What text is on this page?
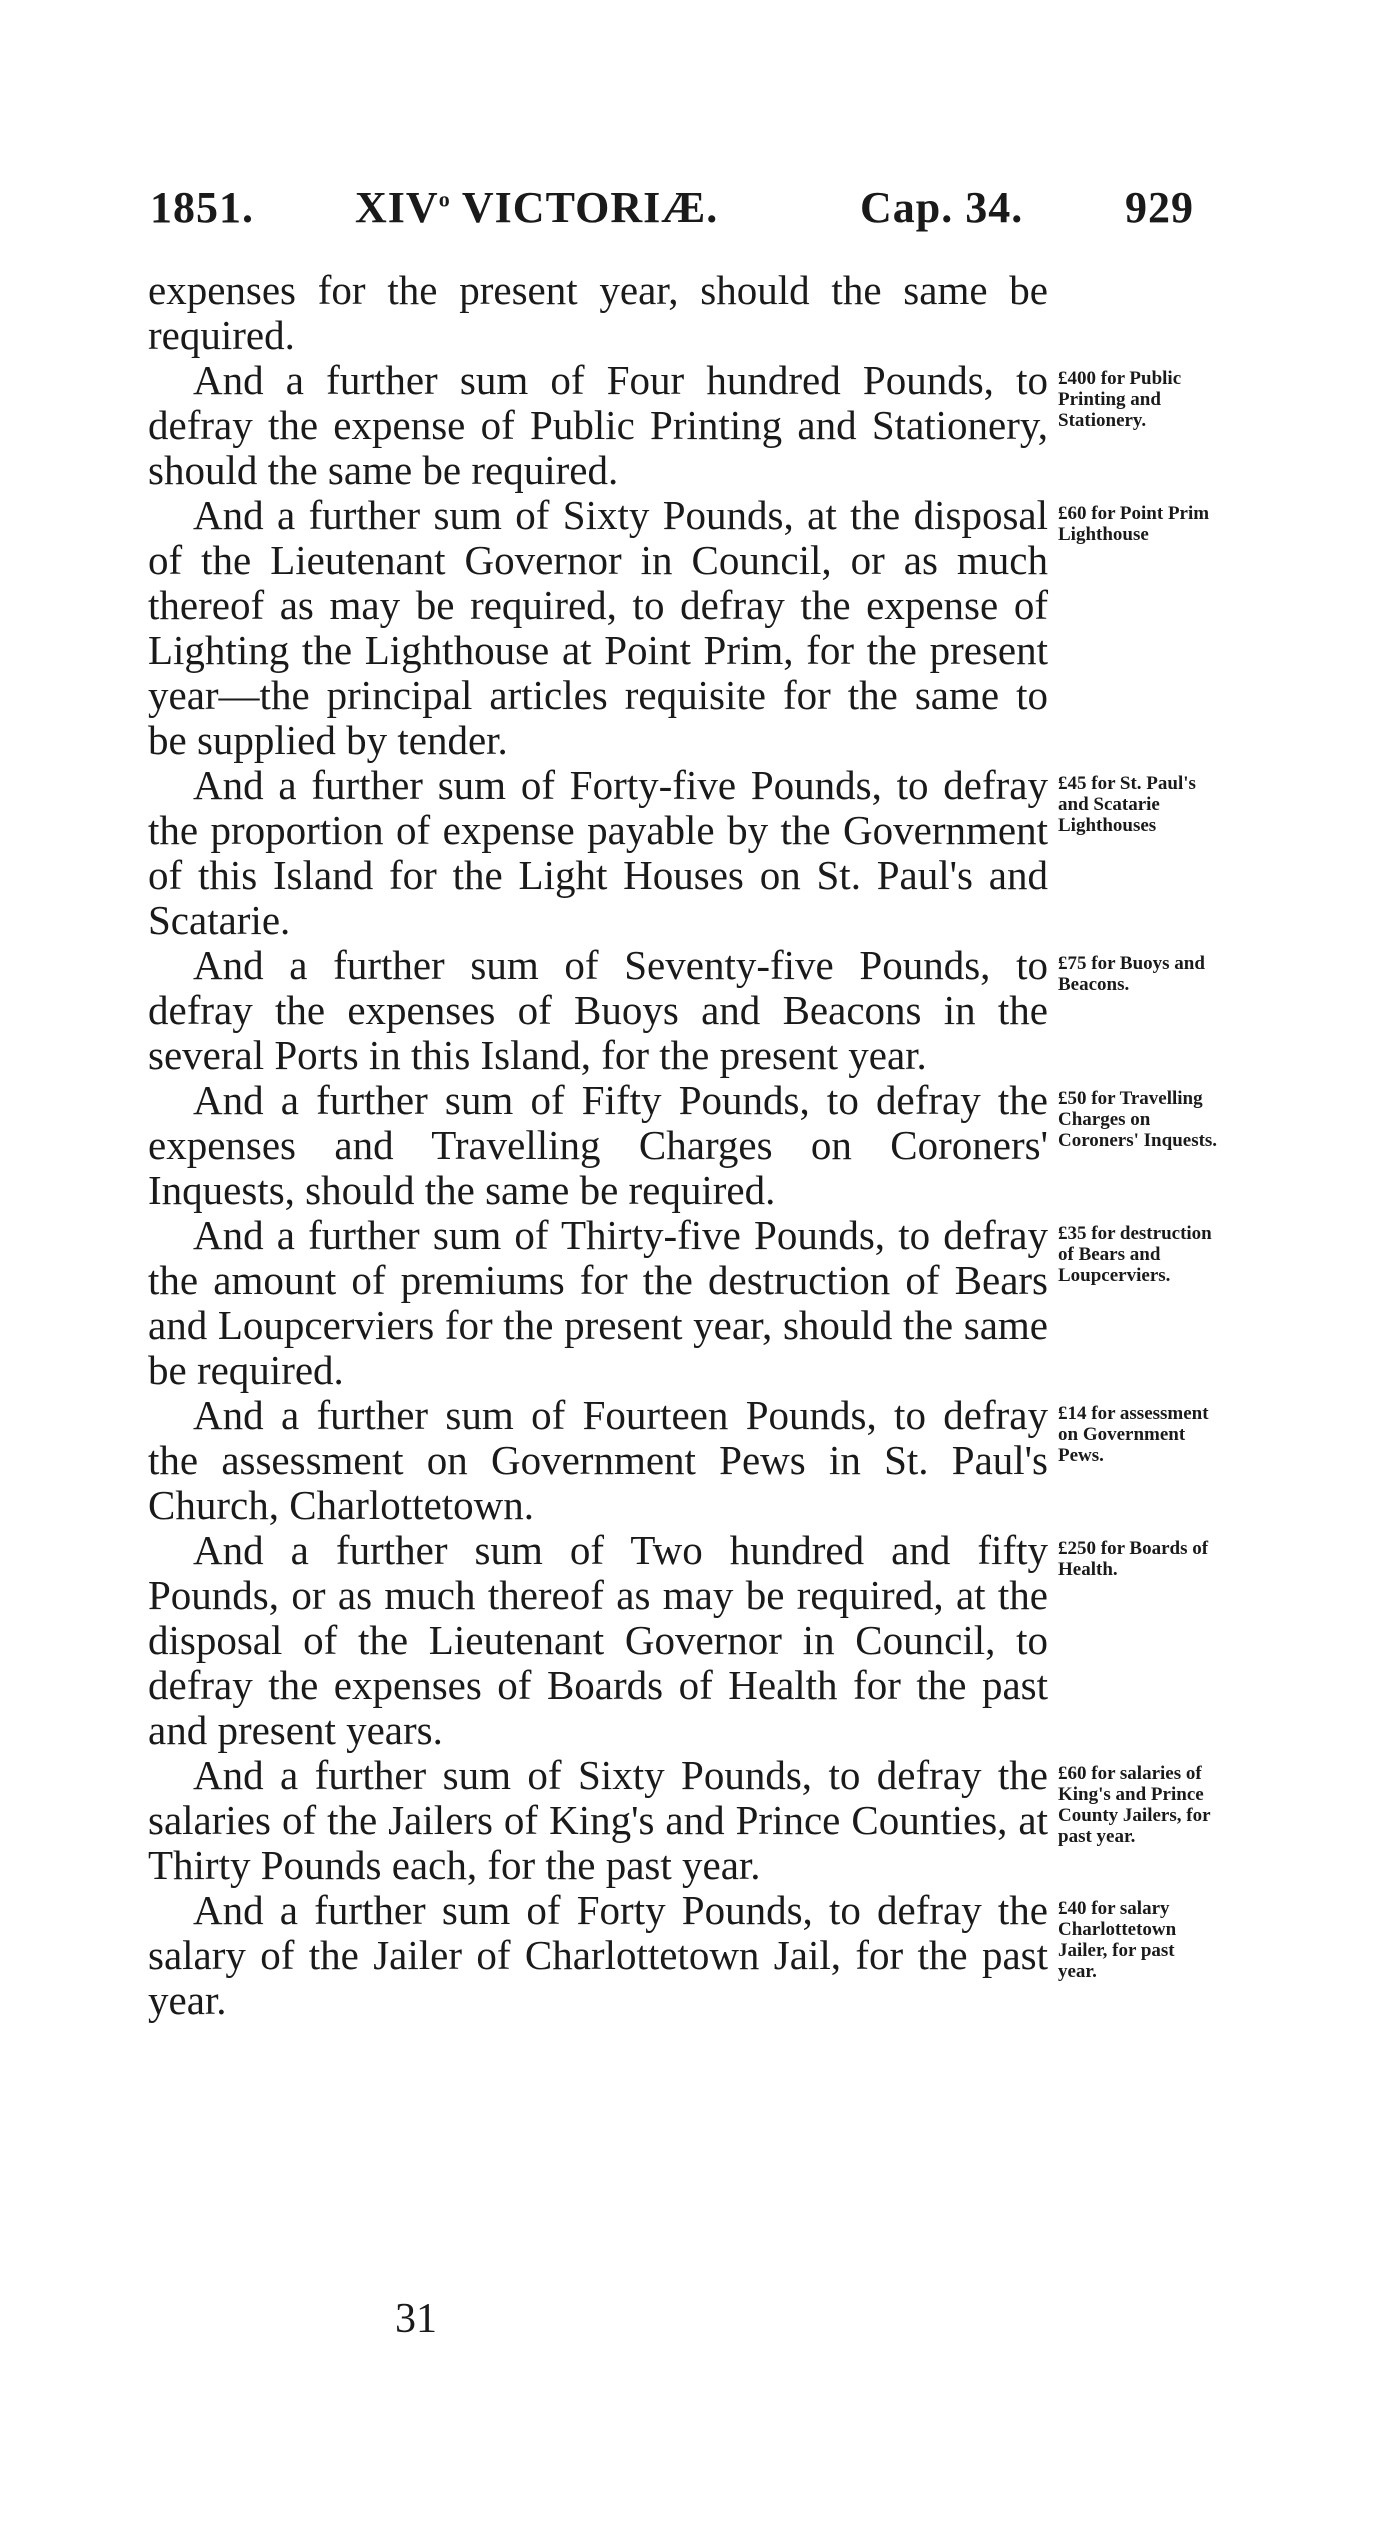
1851. XIV$^o$ VICTORIÆ.	Cap. 34. 929

expenses for the present year, should the same be required.

And a further sum of Four hundred Pounds, to defray the expense of Public Printing and Stationery, should the same be required.
£400 for Public Printing and Stationery.

And a further sum of Sixty Pounds, at the disposal of the Lieutenant Governor in Council, or as much thereof as may be required, to defray the expense of Lighting the Lighthouse at Point Prim, for the present year—the principal articles requisite for the same to be supplied by tender.
£60 for Point Prim Lighthouse

And a further sum of Forty-five Pounds, to defray the proportion of expense payable by the Government of this Island for the Light Houses on St. Paul's and Scatarie.
£45 for St. Paul's and Scatarie Lighthouses

And a further sum of Seventy-five Pounds, to defray the expenses of Buoys and Beacons in the several Ports in this Island, for the present year.
£75 for Buoys and Beacons.

And a further sum of Fifty Pounds, to defray the expenses and Travelling Charges on Coroners' Inquests, should the same be required.
£50 for Travelling Charges on Coroners' Inquests.

And a further sum of Thirty-five Pounds, to defray the amount of premiums for the destruction of Bears and Loupcerviers for the present year, should the same be required.
£35 for destruction of Bears and Loupcerviers.

And a further sum of Fourteen Pounds, to defray the assessment on Government Pews in St. Paul's Church, Charlottetown.
£14 for assessment on Government Pews.

And a further sum of Two hundred and fifty Pounds, or as much thereof as may be required, at the disposal of the Lieutenant Governor in Council, to defray the expenses of Boards of Health for the past and present years.
£250 for Boards of Health.

And a further sum of Sixty Pounds, to defray the salaries of the Jailers of King's and Prince Counties, at Thirty Pounds each, for the past year.
£60 for salaries of King's and Prince County Jailers, for past year.

And a further sum of Forty Pounds, to defray the salary of the Jailer of Charlottetown Jail, for the past year.
£40 for salary Charlottetown Jailer, for past year.

31
